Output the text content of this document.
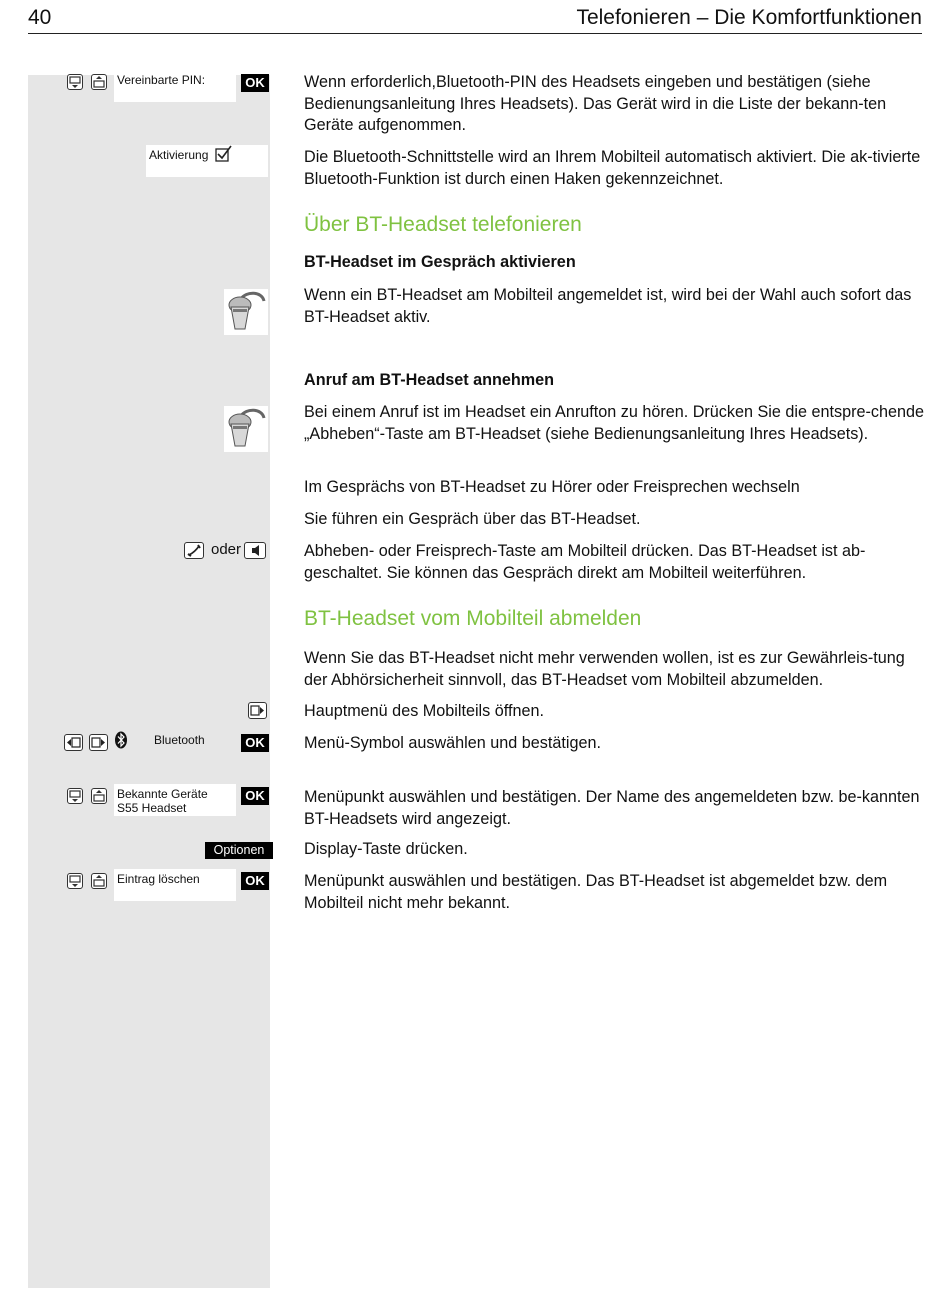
40	Telefonieren – Die Komfortfunktionen
Vereinbarte PIN:	OK Wenn erforderlich,Bluetooth-PIN des Headsets eingeben und bestätigen (siehe Bedienungsanleitung Ihres Headsets). Das Gerät wird in die Liste der bekann-ten Geräte aufgenommen.
Aktivierung	Die Bluetooth-Schnittstelle wird an Ihrem Mobilteil automatisch aktiviert. Die ak-tivierte Bluetooth-Funktion ist durch einen Haken gekennzeichnet.
Über BT-Headset telefonieren
BT-Headset im Gespräch aktivieren
Wenn ein BT-Headset am Mobilteil angemeldet ist, wird bei der Wahl auch sofort das BT-Headset aktiv.
Anruf am BT-Headset annehmen
Bei einem Anruf ist im Headset ein Anrufton zu hören. Drücken Sie die entspre-chende „Abheben“-Taste am BT-Headset (siehe Bedienungsanleitung Ihres Headsets).
Im Gesprächs von BT-Headset zu Hörer oder Freisprechen wechseln
Sie führen ein Gespräch über das BT-Headset.
oder	Abheben- oder Freisprech-Taste am Mobilteil drücken. Das BT-Headset ist ab-geschaltet. Sie können das Gespräch direkt am Mobilteil weiterführen.
BT-Headset vom Mobilteil abmelden
Wenn Sie das BT-Headset nicht mehr verwenden wollen, ist es zur Gewährleis-tung der Abhörsicherheit sinnvoll, das BT-Headset vom Mobilteil abzumelden.
Hauptmenü des Mobilteils öffnen.
Bluetooth	OK Menü-Symbol auswählen und bestätigen.
Bekannte Geräte
S55 Headset
OK Menüpunkt auswählen und bestätigen. Der Name des angemeldeten bzw. be-kannten BT-Headsets wird angezeigt.
Optionen	Display-Taste drücken.
Eintrag löschen	OK Menüpunkt auswählen und bestätigen. Das BT-Headset ist abgemeldet bzw. dem Mobilteil nicht mehr bekannt.
